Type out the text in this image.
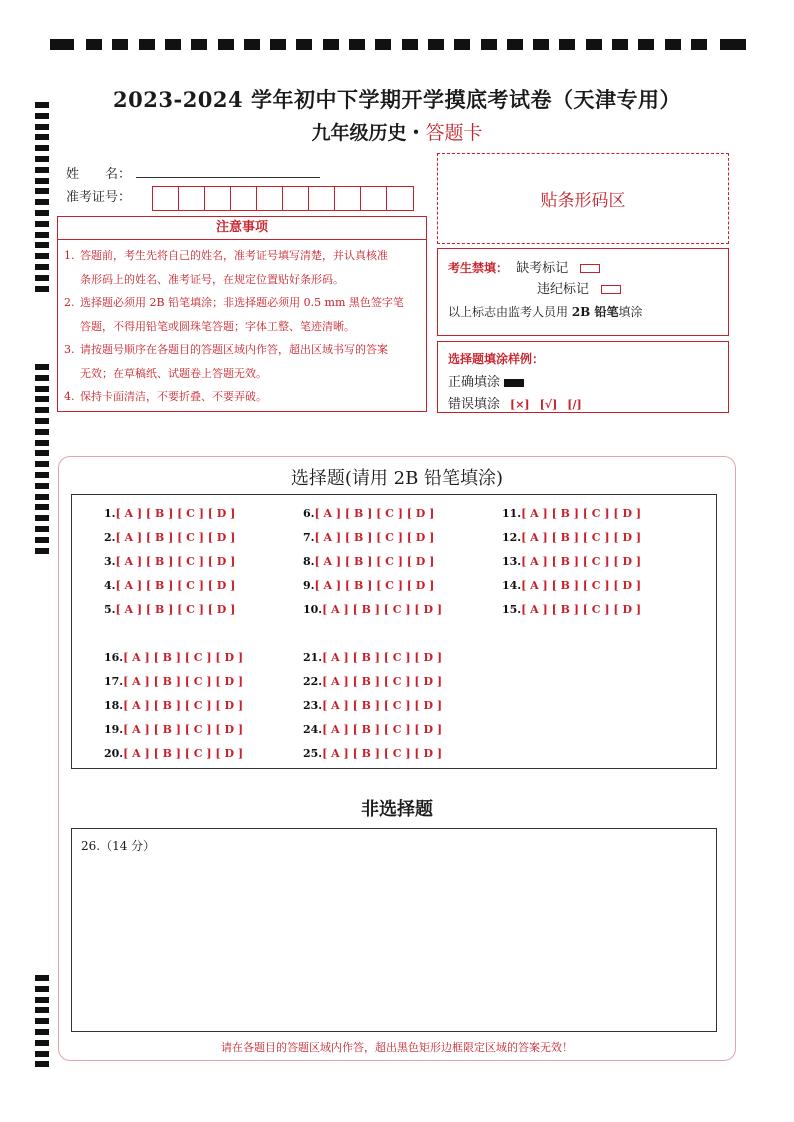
2023-2024 学年初中下学期开学摸底考试卷（天津专用）
九年级历史・答题卡
姓　　名：
准考证号：	贴条形码区
注意事项
1. 答题前，考生先将自己的姓名，准考证号填写清楚，并认真核准
条形码上的姓名、准考证号，在规定位置贴好条形码。
2. 选择题必须用 2B 铅笔填涂；非选择题必须用 0.5 mm 黑色签字笔
答题，不得用铅笔或圆珠笔答题；字体工整、笔迹清晰。
3. 请按题号顺序在各题目的答题区域内作答，超出区域书写的答案
无效；在草稿纸、试题卷上答题无效。
4. 保持卡面清洁，不要折叠、不要弄破。
考生禁填： 缺考标记
违纪标记
以上标志由监考人员用 2B 铅笔填涂
选择题填涂样例：
正确填涂
错误填涂 [×] [√] [/]
选择题(请用 2B 铅笔填涂)
1.[ A ] [ B ] [ C ] [ D ]
2.[ A ] [ B ] [ C ] [ D ]
3.[ A ] [ B ] [ C ] [ D ]
4.[ A ] [ B ] [ C ] [ D ]
5.[ A ] [ B ] [ C ] [ D ]
6.[ A ] [ B ] [ C ] [ D ]
7.[ A ] [ B ] [ C ] [ D ]
8.[ A ] [ B ] [ C ] [ D ]
9.[ A ] [ B ] [ C ] [ D ]
10.[ A ] [ B ] [ C ] [ D ]
11.[ A ] [ B ] [ C ] [ D ]
12.[ A ] [ B ] [ C ] [ D ]
13.[ A ] [ B ] [ C ] [ D ]
14.[ A ] [ B ] [ C ] [ D ]
15.[ A ] [ B ] [ C ] [ D ]
16.[ A ] [ B ] [ C ] [ D ]
17.[ A ] [ B ] [ C ] [ D ]
18.[ A ] [ B ] [ C ] [ D ]
19.[ A ] [ B ] [ C ] [ D ]
20.[ A ] [ B ] [ C ] [ D ]
21.[ A ] [ B ] [ C ] [ D ]
22.[ A ] [ B ] [ C ] [ D ]
23.[ A ] [ B ] [ C ] [ D ]
24.[ A ] [ B ] [ C ] [ D ]
25.[ A ] [ B ] [ C ] [ D ]
非选择题
26.（14 分）
请在各题目的答题区域内作答，超出黑色矩形边框限定区域的答案无效！
